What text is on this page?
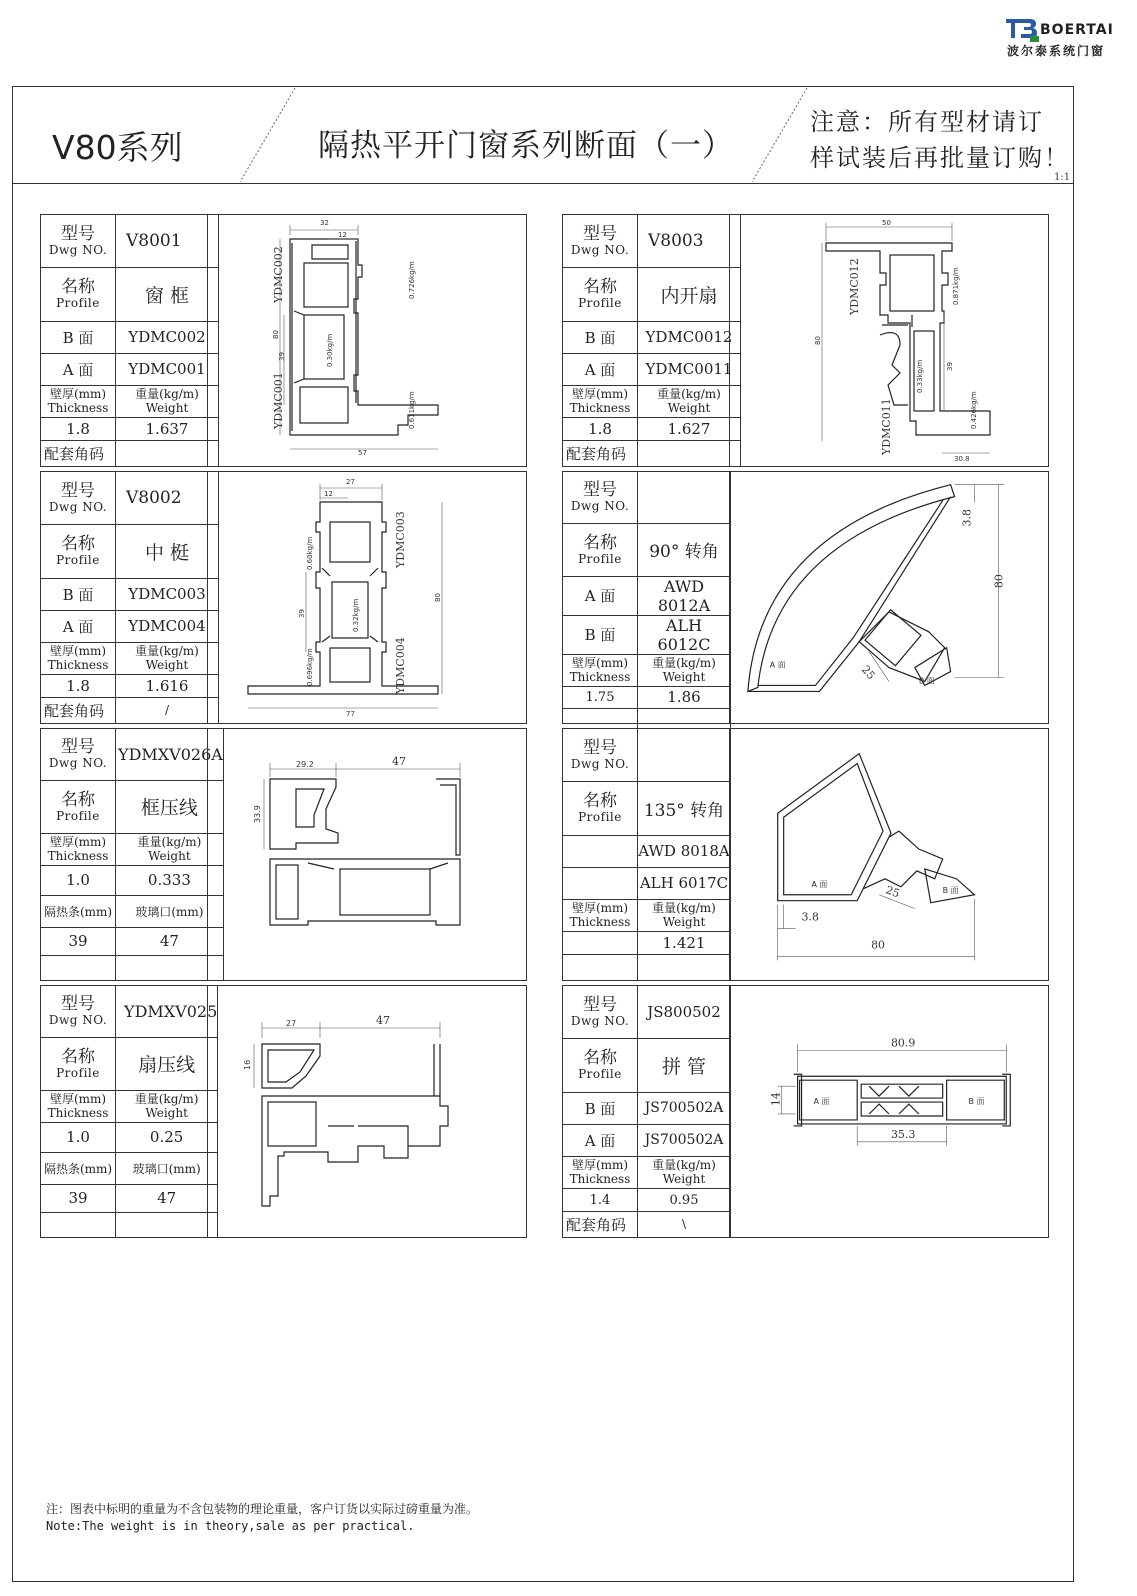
BOERTAI
波尔泰系统门窗
V80系列	隔热平开门窗系列断面（一）
注意：所有型材请订
样试装后再批量订购！
1:1
型号
Dwg NO.	V8001

名称
Profile	窗 框
B 面	YDMC002
A 面	YDMC001

壁厚(mm)
Thickness	重量(kg/m)
Weight

1.8	1.637
配套角码	
32
12
80
39
57
0.726kg/m
0.30kg/m
0.611kg/m
YDMC002
YDMC001
型号
Dwg NO.	V8003

名称
Profile	内开扇
B 面	YDMC0012
A 面	YDMC0011

壁厚(mm)
Thickness	重量(kg/m)
Weight

1.8	1.627
配套角码	
50
80
39
30.8
0.871kg/m
0.33kg/m
0.426kg/m
YDMC012
YDMC011
型号
Dwg NO.	V8002

名称
Profile	中 梃
B 面	YDMC003
A 面	YDMC004

壁厚(mm)
Thickness	重量(kg/m)
Weight

1.8	1.616
配套角码	/
27
12
80
39
77
0.60kg/m
0.32kg/m
0.696kg/m
YDMC003
YDMC004
型号
Dwg NO.	

名称
Profile	90° 转角
A 面	AWD 8012A
B 面	ALH 6012C

壁厚(mm)
Thickness	重量(kg/m)
Weight

1.75	1.86

3.8
80
25
A 面
B 面
型号
Dwg NO.	YDMXV026A

名称
Profile	框压线

壁厚(mm)
Thickness	重量(kg/m)
Weight

1.0	0.333
隔热条(mm)	玻璃口(mm)
39	47

29.2
33.9
47
型号
Dwg NO.	

名称
Profile	135° 转角
	AWD 8018A
	ALH 6017C

壁厚(mm)
Thickness	重量(kg/m)
Weight

	1.421

3.8
80
25
A 面
B 面
型号
Dwg NO.	YDMXV025

名称
Profile	扇压线

壁厚(mm)
Thickness	重量(kg/m)
Weight

1.0	0.25
隔热条(mm)	玻璃口(mm)
39	47

27
16
47
型号
Dwg NO.	JS800502

名称
Profile	拼 管
B 面	JS700502A
A 面	JS700502A

壁厚(mm)
Thickness	重量(kg/m)
Weight

1.4	0.95
配套角码	\
80.9
14
35.3
A 面	B 面
注：图表中标明的重量为不含包装物的理论重量，客户订货以实际过磅重量为准。
Note:The weight is in theory,sale as per practical.
